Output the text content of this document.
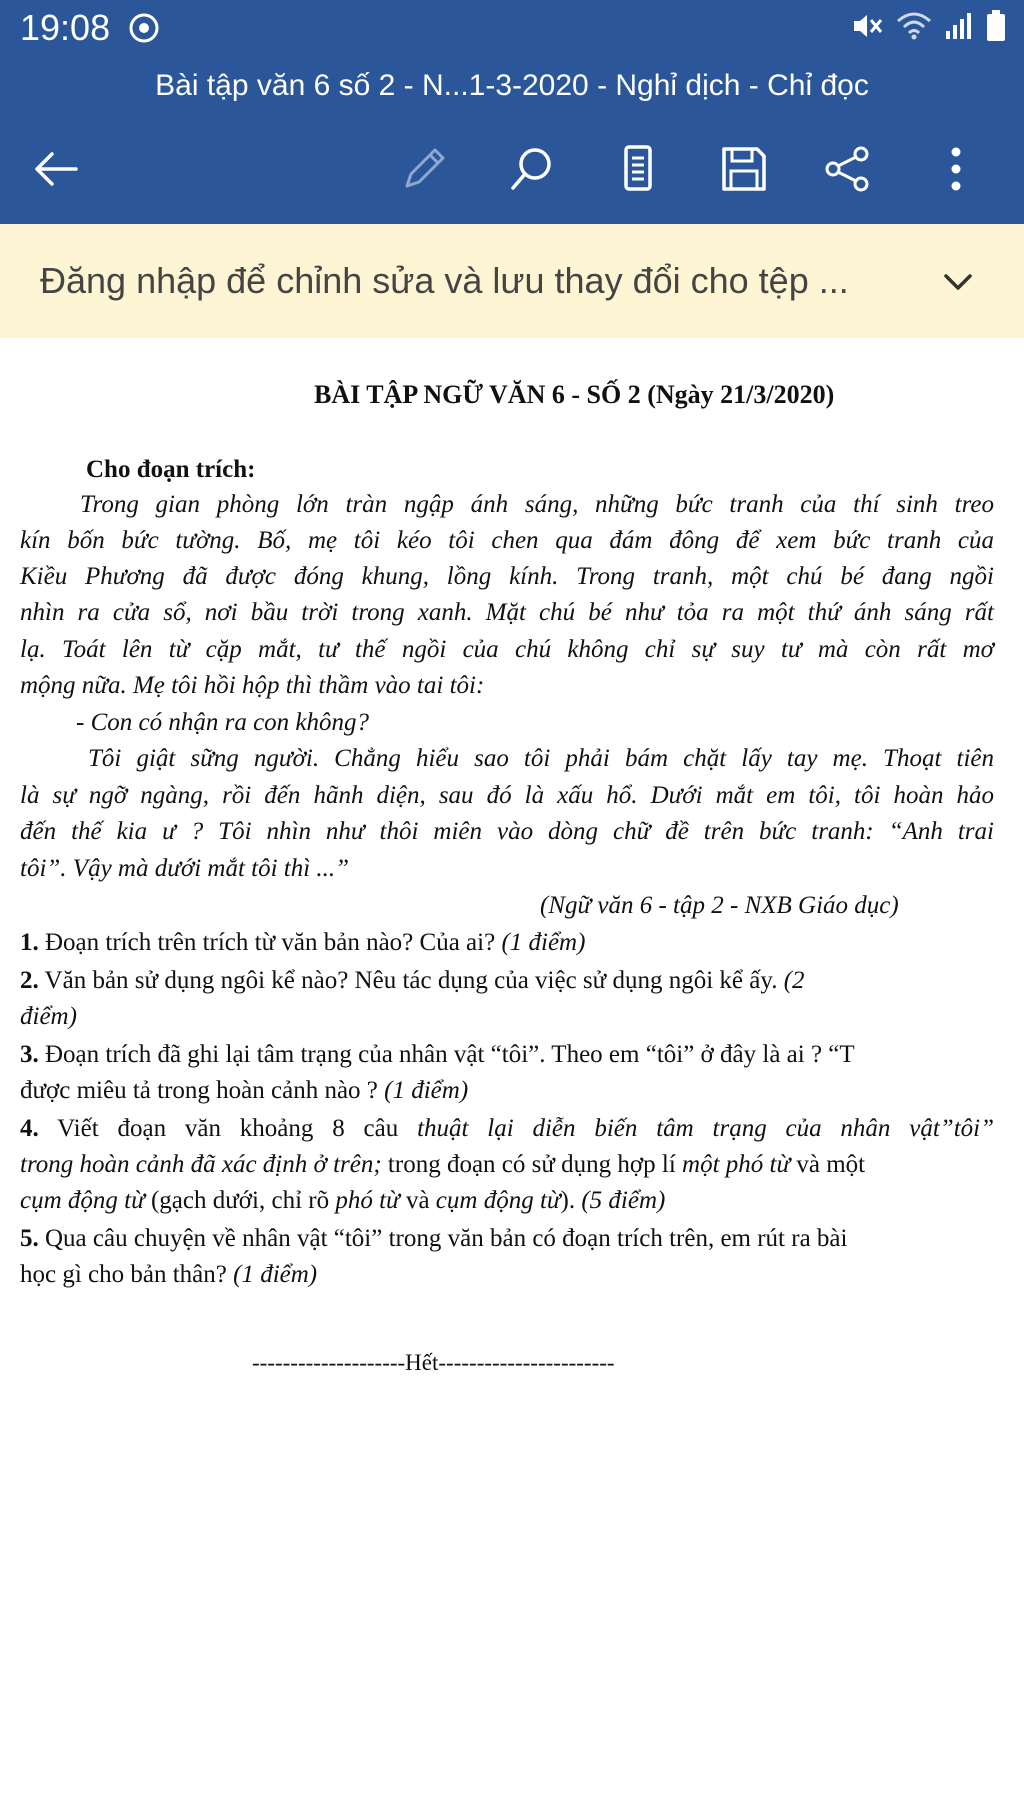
19:08
Bài tập văn 6 số 2 - N...1-3-2020 - Nghỉ dịch - Chỉ đọc
Đăng nhập để chỉnh sửa và lưu thay đổi cho tệp ...
BÀI TẬP NGỮ VĂN 6 - SỐ 2 (Ngày 21/3/2020)
Cho đoạn trích:
Trong gian phòng lớn tràn ngập ánh sáng, những bức tranh của thí sinh treo
kín bốn bức tường. Bố, mẹ tôi kéo tôi chen qua đám đông để xem bức tranh của
Kiều Phương đã được đóng khung, lồng kính. Trong tranh, một chú bé đang ngồi
nhìn ra cửa sổ, nơi bầu trời trong xanh. Mặt chú bé như tỏa ra một thứ ánh sáng rất
lạ. Toát lên từ cặp mắt, tư thế ngồi của chú không chỉ sự suy tư mà còn rất mơ
mộng nữa. Mẹ tôi hồi hộp thì thầm vào tai tôi:
- Con có nhận ra con không?
Tôi giật sững người. Chẳng hiểu sao tôi phải bám chặt lấy tay mẹ. Thoạt tiên
là sự ngỡ ngàng, rồi đến hãnh diện, sau đó là xấu hổ. Dưới mắt em tôi, tôi hoàn hảo
đến thế kia ư ? Tôi nhìn như thôi miên vào dòng chữ đề trên bức tranh: “Anh trai
tôi”. Vậy mà dưới mắt tôi thì ...”
(Ngữ văn 6 - tập 2 - NXB Giáo dục)
1. Đoạn trích trên trích từ văn bản nào? Của ai? (1 điểm)
2. Văn bản sử dụng ngôi kể nào? Nêu tác dụng của việc sử dụng ngôi kể ấy. (2
điểm)
3. Đoạn trích đã ghi lại tâm trạng của nhân vật “tôi”. Theo em “tôi” ở đây là ai ? “T
được miêu tả trong hoàn cảnh nào ? (1 điểm)
4. Viết đoạn văn khoảng 8 câu thuật lại diễn biến tâm trạng của nhân vật”tôi”
trong hoàn cảnh đã xác định ở trên; trong đoạn có sử dụng hợp lí một phó từ và một
cụm động từ (gạch dưới, chỉ rõ phó từ và cụm động từ). (5 điểm)
5. Qua câu chuyện về nhân vật “tôi” trong văn bản có đoạn trích trên, em rút ra bài
học gì cho bản thân? (1 điểm)
--------------------Hết-----------------------
